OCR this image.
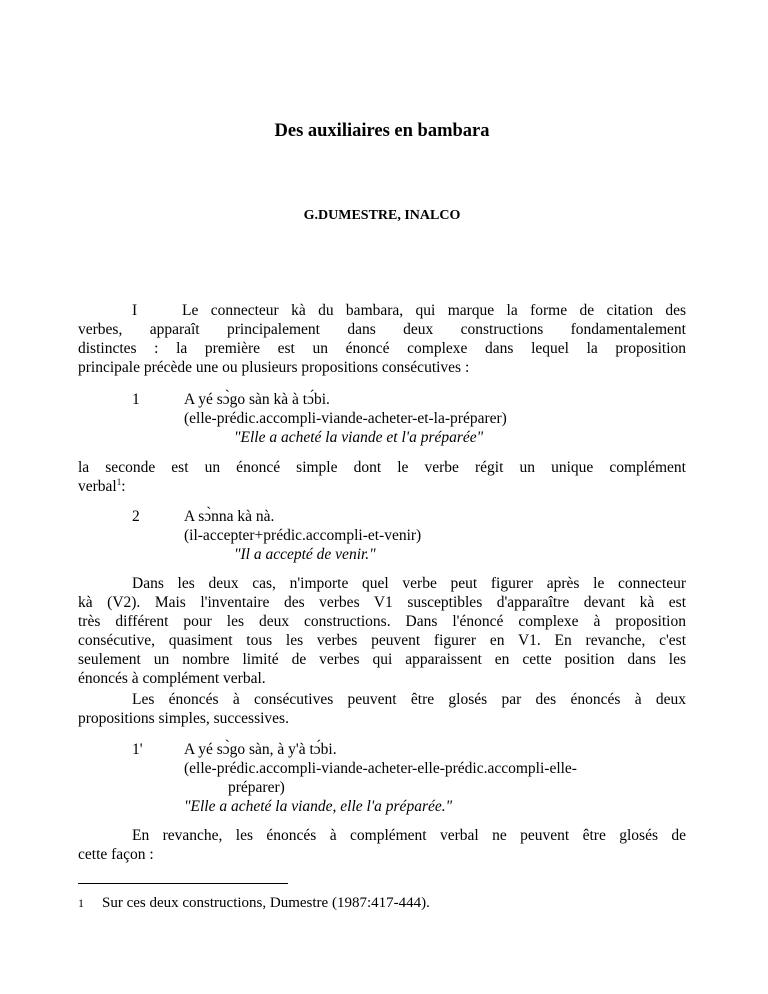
Des auxiliaires en bambara
G.DUMESTRE, INALCO
I	Le connecteur kà du bambara, qui marque la forme de citation des
verbes, apparaît principalement dans deux constructions fondamentalement
distinctes : la première est un énoncé complexe dans lequel la proposition
principale précède une ou plusieurs propositions consécutives :
1	A yé sɔ̀go sàn kà à tɔ́bi.
(elle-prédic.accompli-viande-acheter-et-la-préparer)
"Elle a acheté la viande et l'a préparée"
la seconde est un énoncé simple dont le verbe régit un unique complément
verbal$^1$:
2	A sɔ̀nna kà nà.
(il-accepter+prédic.accompli-et-venir)
"Il a accepté de venir."
Dans les deux cas, n'importe quel verbe peut figurer après le connecteur
kà (V2). Mais l'inventaire des verbes V1 susceptibles d'apparaître devant kà est
très différent pour les deux constructions. Dans l'énoncé complexe à proposition
consécutive, quasiment tous les verbes peuvent figurer en V1. En revanche, c'est
seulement un nombre limité de verbes qui apparaissent en cette position dans les
énoncés à complément verbal.
Les énoncés à consécutives peuvent être glosés par des énoncés à deux
propositions simples, successives.
1'	A yé sɔ̀go sàn, à y'à tɔ́bi.
(elle-prédic.accompli-viande-acheter-elle-prédic.accompli-elle-
préparer)
"Elle a acheté la viande, elle l'a préparée."
En revanche, les énoncés à complément verbal ne peuvent être glosés de
cette façon :
1 Sur ces deux constructions, Dumestre (1987:417-444).
